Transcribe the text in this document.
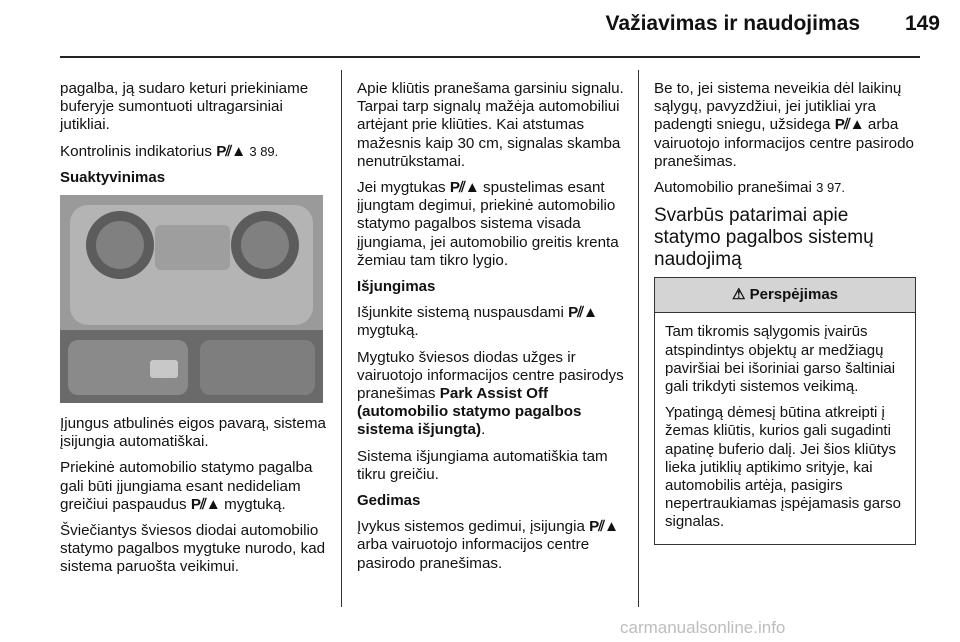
Važiavimas ir naudojimas	149

pagalba, ją sudaro keturi priekiniame buferyje sumontuoti ultragarsiniai jutikliai.

Kontrolinis indikatorius P⫽▲ 3 89.

Suaktyvinimas

Įjungus atbulinės eigos pavarą, sistema įsijungia automatiškai.

Priekinė automobilio statymo pagalba gali būti įjungiama esant nedideliam greičiui paspaudus P⫽▲ mygtuką.

Šviečiantys šviesos diodai automobilio statymo pagalbos mygtuke nurodo, kad sistema paruošta veikimui.

Apie kliūtis pranešama garsiniu signalu. Tarpai tarp signalų mažėja automobiliui artėjant prie kliūties. Kai atstumas mažesnis kaip 30 cm, signalas skamba nenutrūkstamai.

Jei mygtukas P⫽▲ spustelimas esant įjungtam degimui, priekinė automobilio statymo pagalbos sistema visada įjungiama, jei automobilio greitis krenta žemiau tam tikro lygio.

Išjungimas

Išjunkite sistemą nuspausdami P⫽▲ mygtuką.

Mygtuko šviesos diodas užges ir vairuotojo informacijos centre pasirodys pranešimas Park Assist Off (automobilio statymo pagalbos sistema išjungta).

Sistema išjungiama automatiškia tam tikru greičiu.

Gedimas

Įvykus sistemos gedimui, įsijungia P⫽▲ arba vairuotojo informacijos centre pasirodo pranešimas.

Be to, jei sistema neveikia dėl laikinų sąlygų, pavyzdžiui, jei jutikliai yra padengti sniegu, užsidega P⫽▲ arba vairuotojo informacijos centre pasirodo pranešimas.

Automobilio pranešimai 3 97.

Svarbūs patarimai apie statymo pagalbos sistemų naudojimą
⚠ Perspėjimas

Tam tikromis sąlygomis įvairūs atspindintys objektų ar medžiagų paviršiai bei išoriniai garso šaltiniai gali trikdyti sistemos veikimą.

Ypatingą dėmesį būtina atkreipti į žemas kliūtis, kurios gali sugadinti apatinę buferio dalį. Jei šios kliūtys lieka jutiklių aptikimo srityje, kai automobilis artėja, pasigirs nepertraukiamas įspėjamasis garso signalas.

carmanualsonline.info
